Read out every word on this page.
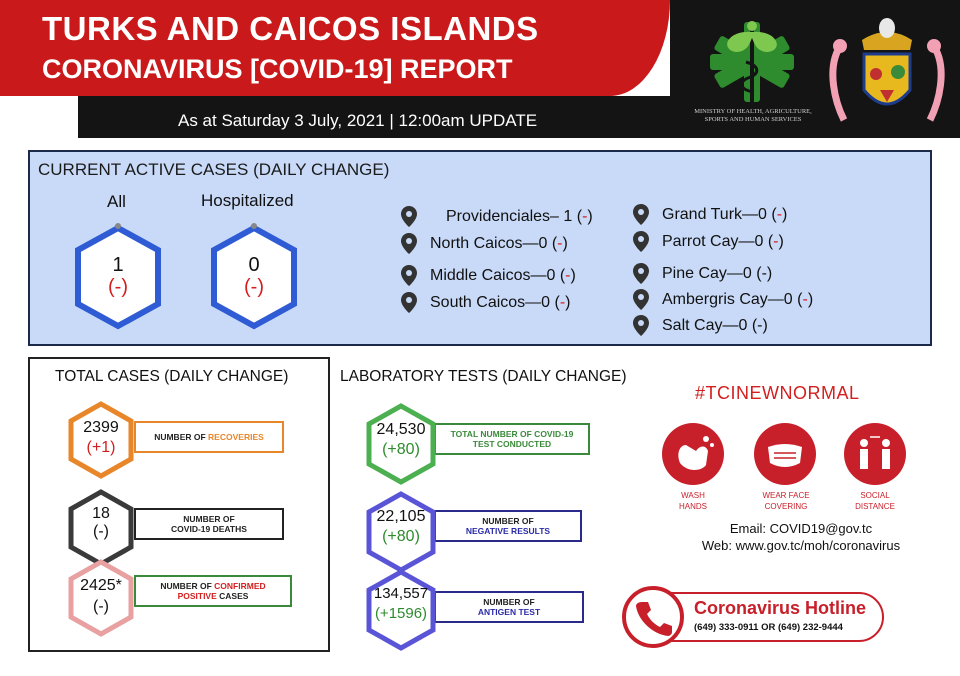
TURKS AND CAICOS ISLANDS
CORONAVIRUS [COVID-19] REPORT
As at Saturday 3 July, 2021 | 12:00am UPDATE	MINISTRY OF HEALTH, AGRICULTURE, SPORTS AND HUMAN SERVICES
CURRENT ACTIVE CASES (DAILY CHANGE)
All	Hospitalized
1
(-)
0
(-)
Providenciales– 1 ( - )
North Caicos—0 ( - )
Middle Caicos—0 ( - )
South Caicos—0 ( - )
Grand Turk—0 ( - )
Parrot Cay—0 ( - )
Pine Cay—0 (-)
Ambergris Cay—0 ( - )
Salt Cay—0 (-)
TOTAL CASES (DAILY CHANGE)
NUMBER OF RECOVERIES
2399
(+1)
NUMBER OF
COVID-19 DEATHS
18
(-)
NUMBER OF CONFIRMED
POSITIVE CASES
2425*
(-)
LABORATORY TESTS (DAILY CHANGE)
TOTAL NUMBER OF COVID-19
TEST CONDUCTED
24,530
(+80)
NUMBER OF
NEGATIVE RESULTS
22,105
(+80)
NUMBER OF
ANTIGEN TEST
134,557
(+1596)
#TCINEWNORMAL
WASH
HANDS
WEAR FACE
COVERING
SOCIAL
DISTANCE
Email: COVID19@gov.tc
Web: www.gov.tc/moh/coronavirus
Coronavirus Hotline
(649) 333-0911 OR (649) 232-9444
